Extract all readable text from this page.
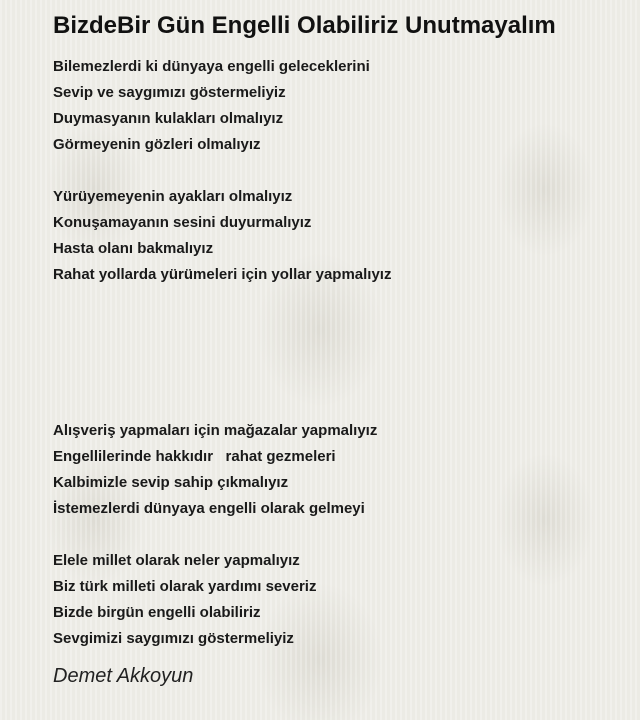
BizdeBir Gün Engelli Olabiliriz Unutmayalım
Bilemezlerdi ki dünyaya engelli geleceklerini
Sevip ve saygımızı göstermeliyiz
Duymasyanın kulakları olmalıyız
Görmeyenin gözleri olmalıyız
Yürüyemeyenin ayakları olmalıyız
Konuşamayanın sesini duyurmalıyız
Hasta olanı bakmalıyız
Rahat yollarda yürümeleri için yollar yapmalıyız
Alışveriş yapmaları için mağazalar yapmalıyız
Engellilerinde hakkıdır   rahat gezmeleri
Kalbimizle sevip sahip çıkmalıyız
İstemezlerdi dünyaya engelli olarak gelmeyi
Elele millet olarak neler yapmalıyız
Biz türk milleti olarak yardımı severiz
Bizde birgün engelli olabiliriz
Sevgimizi saygımızı göstermeliyiz
Demet Akkoyun
